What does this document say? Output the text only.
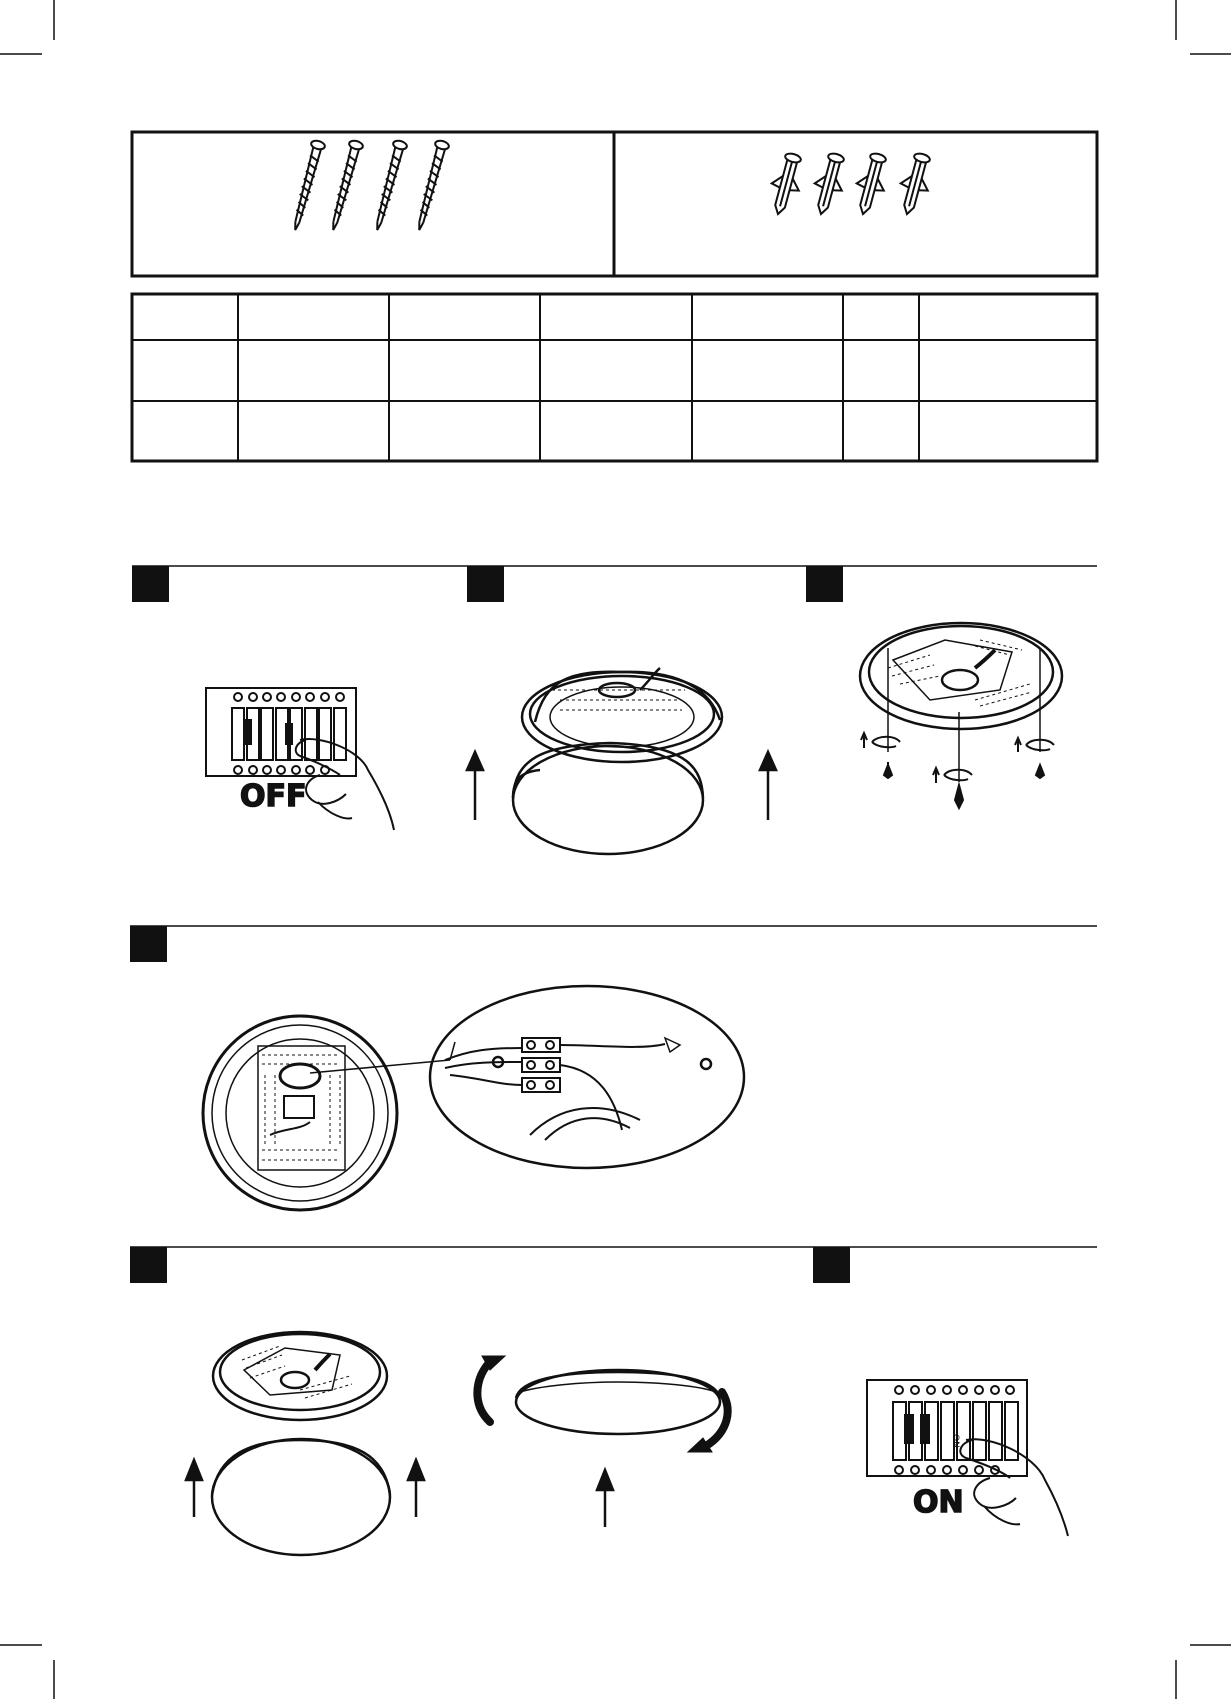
OFF
ON
ON
